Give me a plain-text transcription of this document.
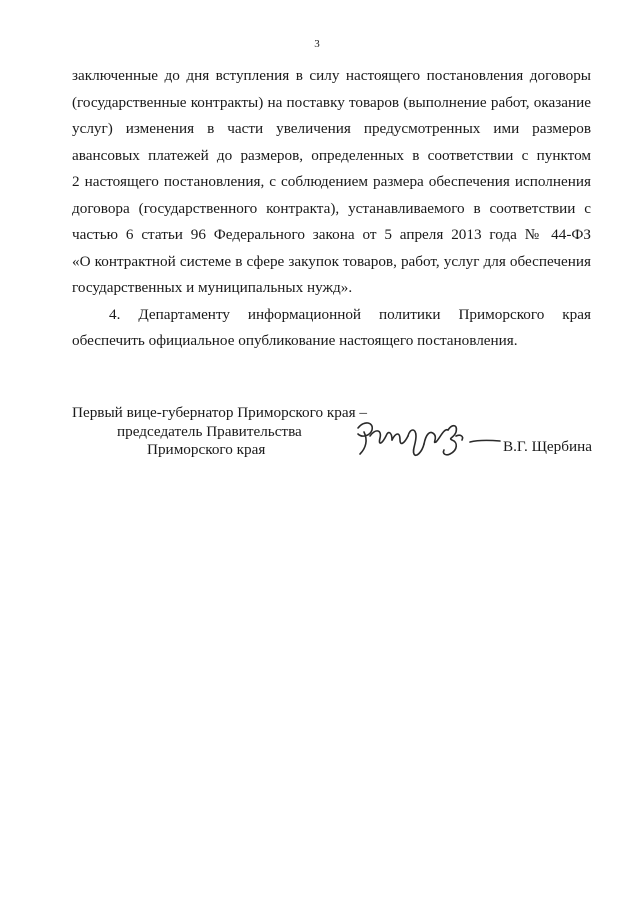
3
заключенные до дня вступления в силу настоящего постановления договоры
(государственные контракты) на поставку товаров (выполнение работ, оказание
услуг) изменения в части увеличения предусмотренных ими размеров
авансовых платежей до размеров, определенных в соответствии с пунктом
2 настоящего постановления, с соблюдением размера обеспечения исполнения
договора (государственного контракта), устанавливаемого в соответствии с
частью 6 статьи 96 Федерального закона от 5 апреля 2013 года № 44-ФЗ
«О контрактной системе в сфере закупок товаров, работ, услуг для обеспечения
государственных и муниципальных нужд».
4. Департаменту информационной политики Приморского края
обеспечить официальное опубликование настоящего постановления.
Первый вице-губернатор Приморского края –
председатель Правительства
Приморского края	В.Г. Щербина
